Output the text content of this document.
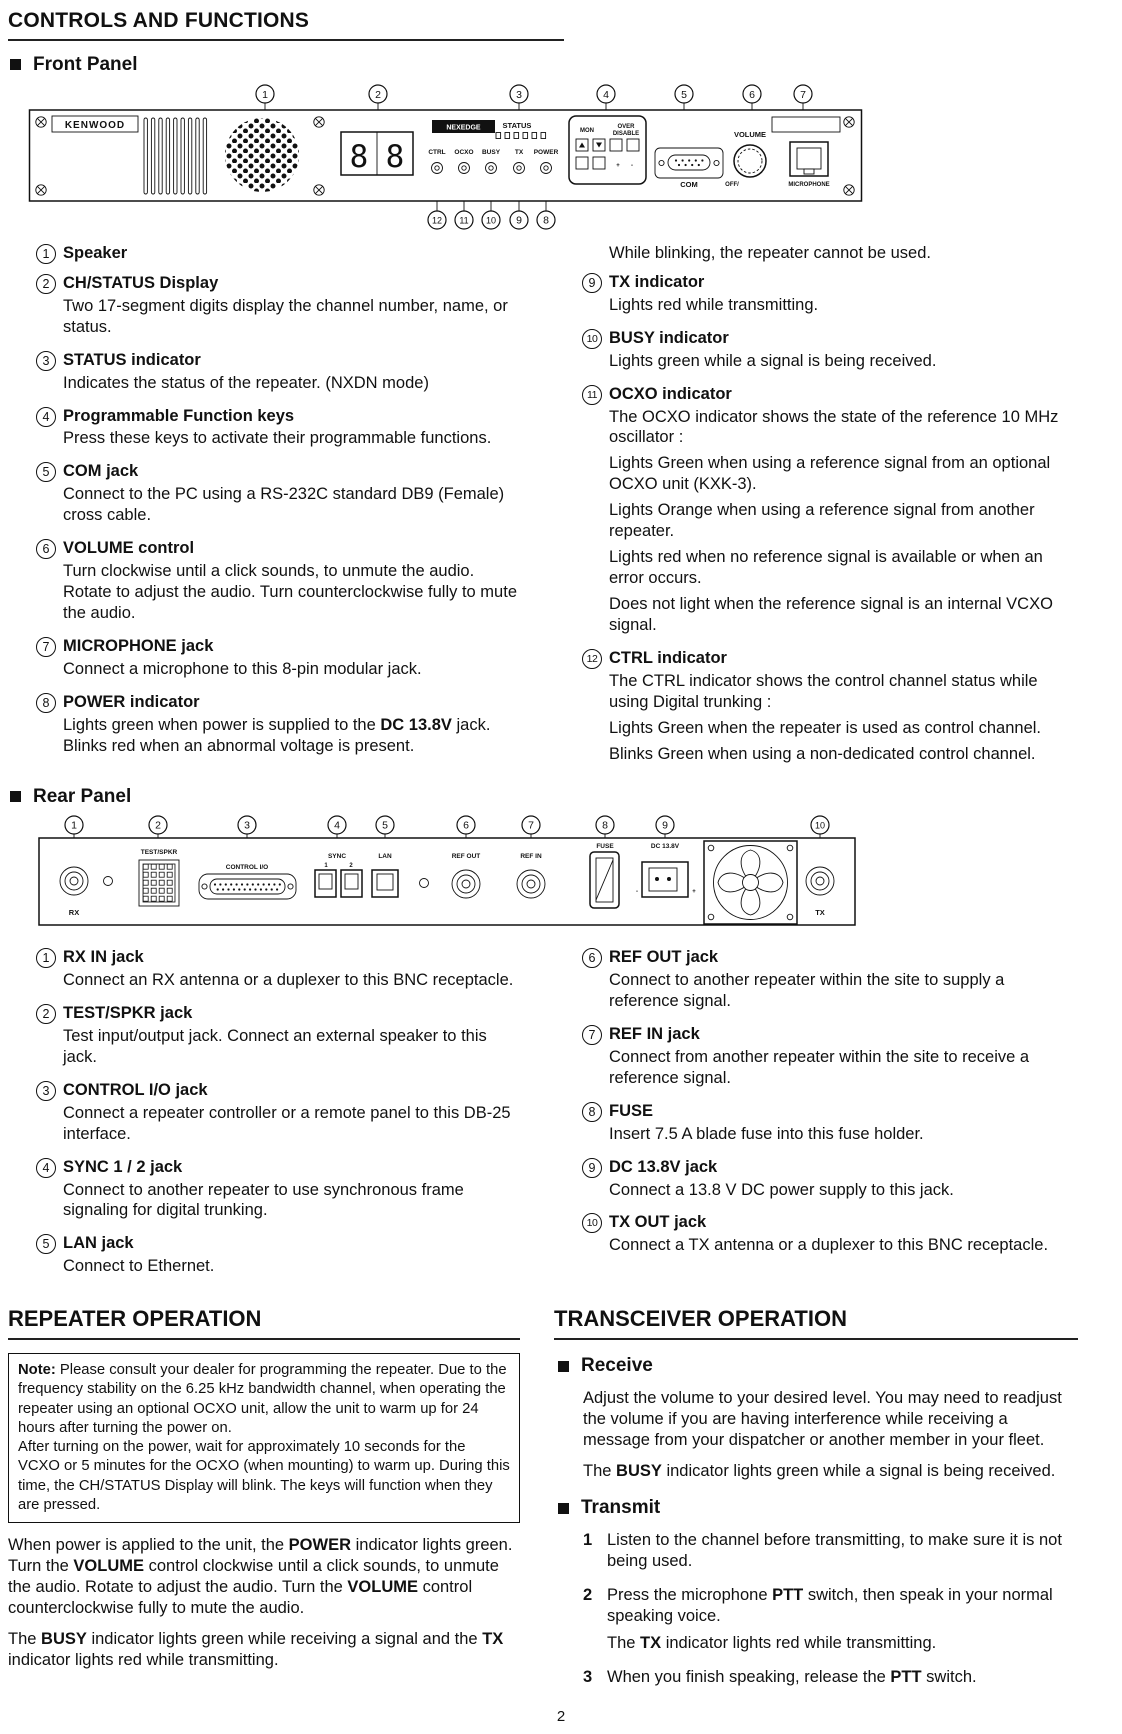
CONTROLS AND FUNCTIONS
Front Panel
1	2	3	4	5	6	7
KENWOOD
8 8
NEXEDGE	STATUS
CTRL OCXO BUSY TX POWER
MON
OVER
DISABLE
+ -
COM
VOLUME
OFF/	MICROPHONE
12 11 10 9 8
1 Speaker
2 CH/STATUS Display

Two 17-segment digits display the channel number, name, or status.

3 STATUS indicator

Indicates the status of the repeater. (NXDN mode)

4 Programmable Function keys

Press these keys to activate their programmable functions.

5 COM jack

Connect to the PC using a RS-232C standard DB9 (Female) cross cable.

6 VOLUME control

Turn clockwise until a click sounds, to unmute the audio. Rotate to adjust the audio. Turn counterclockwise fully to mute the audio.

7 MICROPHONE jack

Connect a microphone to this 8-pin modular jack.

8 POWER indicator

Lights green when power is supplied to the DC 13.8V jack. Blinks red when an abnormal voltage is present.

While blinking, the repeater cannot be used.

9 TX indicator

Lights red while transmitting.

10 BUSY indicator

Lights green while a signal is being received.

11 OCXO indicator

The OCXO indicator shows the state of the reference 10 MHz oscillator :

Lights Green when using a reference signal from an optional OCXO unit (KXK-3).

Lights Orange when using a reference signal from another repeater.

Lights red when no reference signal is available or when an error occurs.

Does not light when the reference signal is an internal VCXO signal.

12 CTRL indicator

The CTRL indicator shows the control channel status while using Digital trunking :

Lights Green when the repeater is used as control channel.

Blinks Green when using a non-dedicated control channel.

Rear Panel
1	2	3	4	5	6	7	8	9	10
RX
TEST/SPKR
CONTROL I/O
SYNC
1	2
LAN	REF OUT	REF IN
FUSE	DC 13.8V
-	+
TX
1 RX IN jack

Connect an RX antenna or a duplexer to this BNC receptacle.

2 TEST/SPKR jack

Test input/output jack. Connect an external speaker to this jack.

3 CONTROL I/O jack

Connect a repeater controller or a remote panel to this DB-25 interface.

4 SYNC 1 / 2 jack

Connect to another repeater to use synchronous frame signaling for digital trunking.

5 LAN jack

Connect to Ethernet.

6 REF OUT jack

Connect to another repeater within the site to supply a reference signal.

7 REF IN jack

Connect from another repeater within the site to receive a reference signal.

8 FUSE

Insert 7.5 A blade fuse into this fuse holder.

9 DC 13.8V jack

Connect a 13.8 V DC power supply to this jack.

10 TX OUT jack

Connect a TX antenna or a duplexer to this BNC receptacle.

REPEATER OPERATION

Note: Please consult your dealer for programming the repeater. Due to the frequency stability on the 6.25 kHz bandwidth channel, when operating the repeater using an optional OCXO unit, allow the unit to warm up for 24 hours after turning the power on.

After turning on the power, wait for approximately 10 seconds for the VCXO or 5 minutes for the OCXO (when mounting) to warm up. During this time, the CH/STATUS Display will blink. The keys will function when they are pressed.

When power is applied to the unit, the POWER indicator lights green. Turn the VOLUME control clockwise until a click sounds, to unmute the audio. Rotate to adjust the audio. Turn the VOLUME control counterclockwise fully to mute the audio.

The BUSY indicator lights green while receiving a signal and the TX indicator lights red while transmitting.

TRANSCEIVER OPERATION
Receive

Adjust the volume to your desired level. You may need to readjust the volume if you are having interference while receiving a message from your dispatcher or another member in your fleet.

The BUSY indicator lights green while a signal is being received.

Transmit
1 Listen to the channel before transmitting, to make sure it is not being used.

2 Press the microphone PTT switch, then speak in your normal speaking voice.

The TX indicator lights red while transmitting.

3 When you finish speaking, release the PTT switch.

2
